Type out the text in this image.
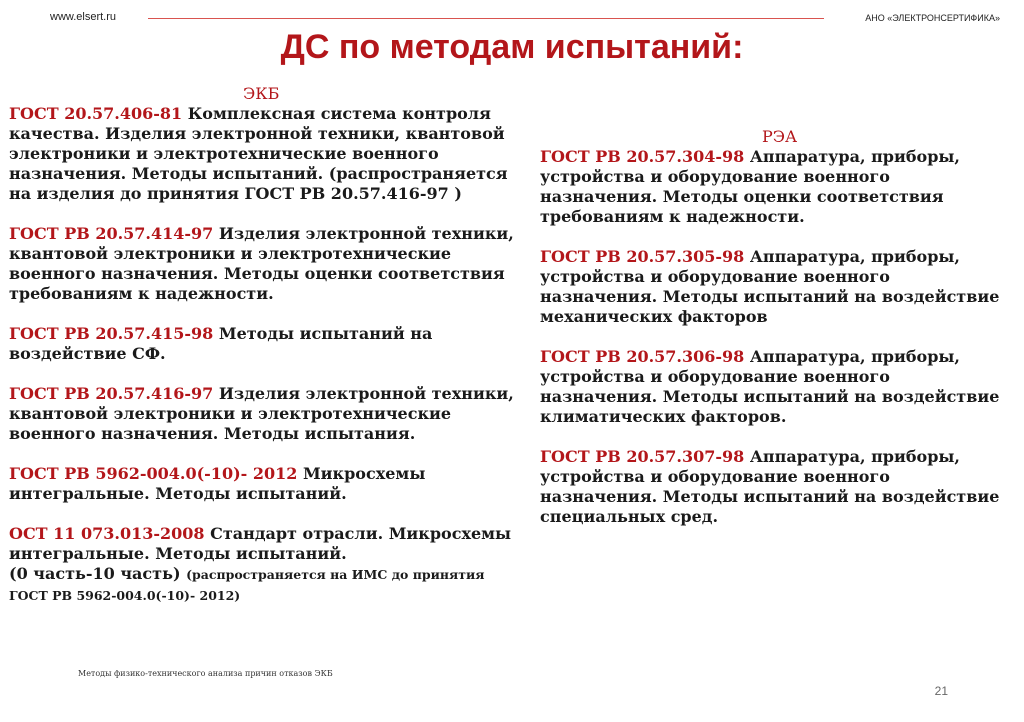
www.elsert.ru	АНО «ЭЛЕКТРОНСЕРТИФИКА»
ДС по методам испытаний:
ЭКБ

ГОСТ 20.57.406-81 Комплексная система контроля качества. Изделия электронной техники, квантовой электроники и электротехнические военного назначения. Методы испытаний. (распространяется на изделия до принятия ГОСТ РВ 20.57.416-97 )

ГОСТ РВ 20.57.414-97 Изделия электронной техники, квантовой электроники и электротехнические военного назначения. Методы оценки соответствия требованиям к надежности.

ГОСТ РВ 20.57.415-98 Методы испытаний на воздействие СФ.

ГОСТ РВ 20.57.416-97 Изделия электронной техники, квантовой электроники и электротехнические военного назначения. Методы испытания.

ГОСТ РВ 5962-004.0(-10)- 2012 Микросхемы интегральные. Методы испытаний.

ОСТ 11 073.013-2008 Стандарт отрасли. Микросхемы интегральные. Методы испытаний.
(0 часть-10 часть) (распространяется на ИМС до принятия
ГОСТ РВ 5962-004.0(-10)- 2012)

РЭА

ГОСТ РВ 20.57.304-98 Аппаратура, приборы, устройства и оборудование военного назначения. Методы оценки соответствия требованиям к надежности.

ГОСТ РВ 20.57.305-98 Аппаратура, приборы, устройства и оборудование военного назначения. Методы испытаний на воздействие механических факторов

ГОСТ РВ 20.57.306-98 Аппаратура, приборы, устройства и оборудование военного назначения. Методы испытаний на воздействие климатических факторов.

ГОСТ РВ 20.57.307-98 Аппаратура, приборы, устройства и оборудование военного назначения. Методы испытаний на воздействие специальных сред.

Методы физико-технического анализа причин отказов ЭКБ
21
